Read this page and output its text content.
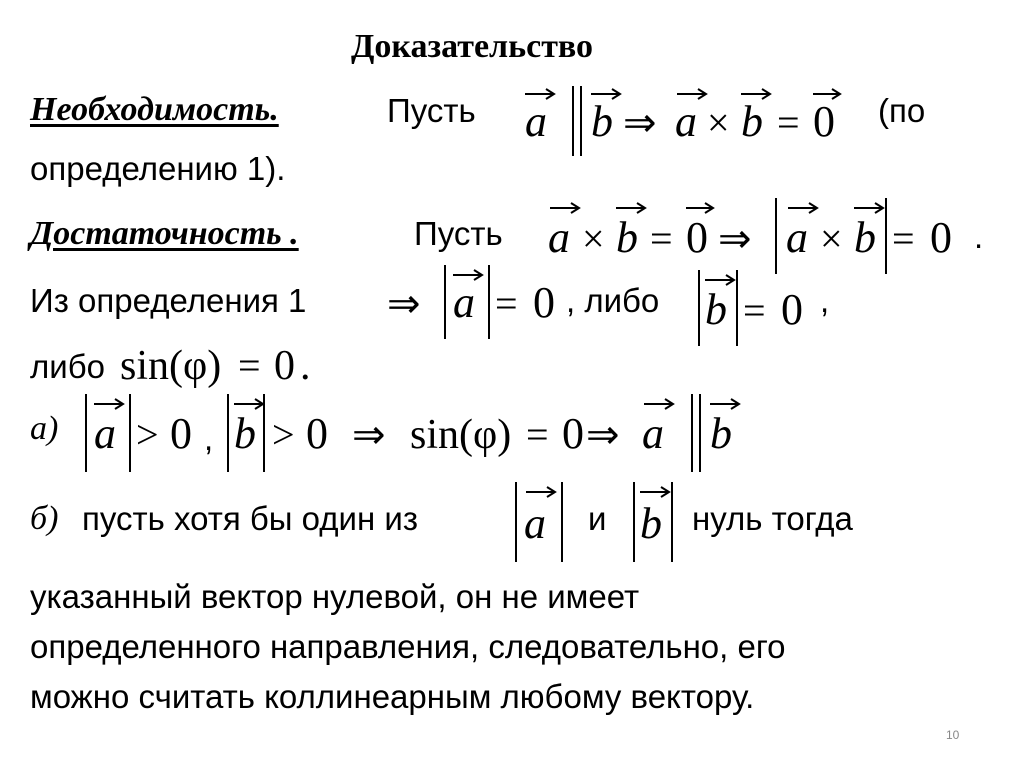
Доказательство
Необходимость.	Пусть a b ⇒ a × b = 0 (по
определению 1).
Достаточность .	Пусть a × b = 0 ⇒ a × b = 0 .
Из определения 1 ⇒ a = 0 , либо b = 0 ,
либо sin(φ) = 0 .
а) a > 0 , b > 0 ⇒ sin(φ) = 0 ⇒ a b
б) пусть хотя бы один из a и b нуль тогда
указанный вектор нулевой, он не имеет
определенного направления, следовательно, его
можно считать коллинеарным любому вектору.
10
